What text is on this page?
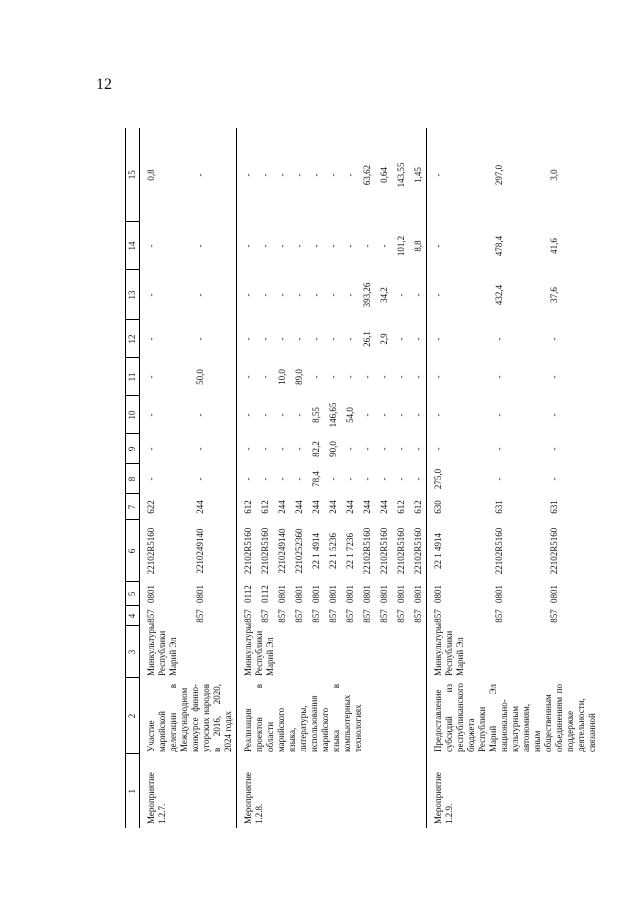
12
1	2	3	4	5	6	7	8	9	10	11	12	13	14	15
Мероприятие 1.2.7.	Участие марийской делегации в Международном конкурсе финно-угорских народов в 2016, 2020, 2024 годах	Минкультуры Республики Марий Эл	857	0801	22102R5160	622	-	-	-	-	-	-	-	0,8
			857	0801	2210249140	244	-	-	-	50,0	-	-	-	-
Мероприятие 1.2.8.	Реализация проектов в области марийского языка, литературы, использования марийского языка в компьютерных технологиях	Минкультуры Республики Марий Эл	857	0112	22102R5160	612	-	-	-	-	-	-	-	-
			857	0112	22102R5160	612	-	-	-	-	-	-	-	-
			857	0801	2210249140	244	-	-	-	10,0	-	-	-	-
			857	0801	2210252360	244	-	-	-	89,0	-	-	-	-
			857	0801	22 1 4914	244	78,4	82,2	8,55	-	-	-	-	-
			857	0801	22 1 5236	244	-	90,0	146,65	-	-	-	-	-
			857	0801	22 1 7236	244	-	-	54,0	-	-	-	-	-
			857	0801	22102R5160	244	-	-	-	-	26,1	393,26	-	63,62
			857	0801	22102R5160	244	-	-	-	-	2,9	34,2	-	0,64
			857	0801	22102R5160	612	-	-	-	-	-	-	101,2	143,55
			857	0801	22102R5160	612	-	-	-	-	-	-	8,8	1,45
Мероприятие 1.2.9.	Предоставление субсидий из республиканского бюджета Республики Марий Эл национально-культурным автономиям, иным общественным объединениям по поддержке деятельности, связанной	Минкультуры Республики Марий Эл	857	0801	22 1 4914	630	275,0	-	-	-	-	-	-	-
			857	0801	22102R5160	631	-	-	-	-	-	432,4	478,4	297,0
			857	0801	22102R5160	631	-	-	-	-	-	37,6	41,6	3,0
